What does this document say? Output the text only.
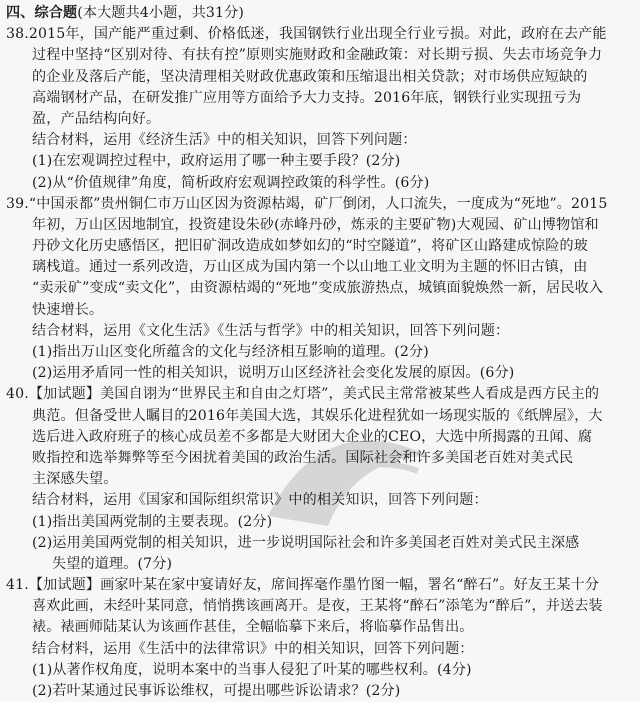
四、综合题(本大题共4小题，共31分)
38.2015年，国产能严重过剩、价格低迷，我国钢铁行业出现全行业亏损。对此，政府在去产能
过程中坚持“区别对待、有扶有控”原则实施财政和金融政策：对长期亏损、失去市场竞争力
的企业及落后产能，坚决清理相关财政优惠政策和压缩退出相关贷款；对市场供应短缺的
高端钢材产品，在研发推广应用等方面给予大力支持。2016年底，钢铁行业实现扭亏为
盈，产品结构向好。
结合材料，运用《经济生活》中的相关知识，回答下列问题：
(1)在宏观调控过程中，政府运用了哪一种主要手段？(2分)
(2)从“价值规律”角度，简析政府宏观调控政策的科学性。(6分)
39.“中国汞都”贵州铜仁市万山区因为资源枯竭，矿厂倒闭，人口流失，一度成为“死地”。2015
年初，万山区因地制宜，投资建设朱砂(赤峰丹砂，炼汞的主要矿物)大观园、矿山博物馆和
丹砂文化历史感悟区，把旧矿洞改造成如梦如幻的“时空隧道”，将矿区山路建成惊险的玻
璃栈道。通过一系列改造，万山区成为国内第一个以山地工业文明为主题的怀旧古镇，由
“卖汞矿”变成“卖文化”，由资源枯竭的“死地”变成旅游热点，城镇面貌焕然一新，居民收入
快速增长。
结合材料，运用《文化生活》《生活与哲学》中的相关知识，回答下列问题：
(1)指出万山区变化所蕴含的文化与经济相互影响的道理。(2分)
(2)运用矛盾同一性的相关知识，说明万山区经济社会变化发展的原因。(6分)
40.【加试题】美国自诩为“世界民主和自由之灯塔”，美式民主常常被某些人看成是西方民主的
典范。但备受世人瞩目的2016年美国大选，其娱乐化进程犹如一场现实版的《纸牌屋》，大
选后进入政府班子的核心成员差不多都是大财团大企业的CEO，大选中所揭露的丑闻、腐
败指控和选举舞弊等至今困扰着美国的政治生活。国际社会和许多美国老百姓对美式民
主深感失望。
结合材料，运用《国家和国际组织常识》中的相关知识，回答下列问题：
(1)指出美国两党制的主要表现。(2分)
(2)运用美国两党制的相关知识，进一步说明国际社会和许多美国老百姓对美式民主深感
失望的道理。(7分)
41.【加试题】画家叶某在家中宴请好友，席间挥毫作墨竹图一幅，署名“醉石”。好友王某十分
喜欢此画，未经叶某同意，悄悄携该画离开。是夜，王某将“醉石”添笔为“醉后”，并送去装
裱。裱画师陆某认为该画作甚佳，全幅临摹下来后，将临摹作品售出。
结合材料，运用《生活中的法律常识》中的相关知识，回答下列问题：
(1)从著作权角度，说明本案中的当事人侵犯了叶某的哪些权利。(4分)
(2)若叶某通过民事诉讼维权，可提出哪些诉讼请求？(2分)
